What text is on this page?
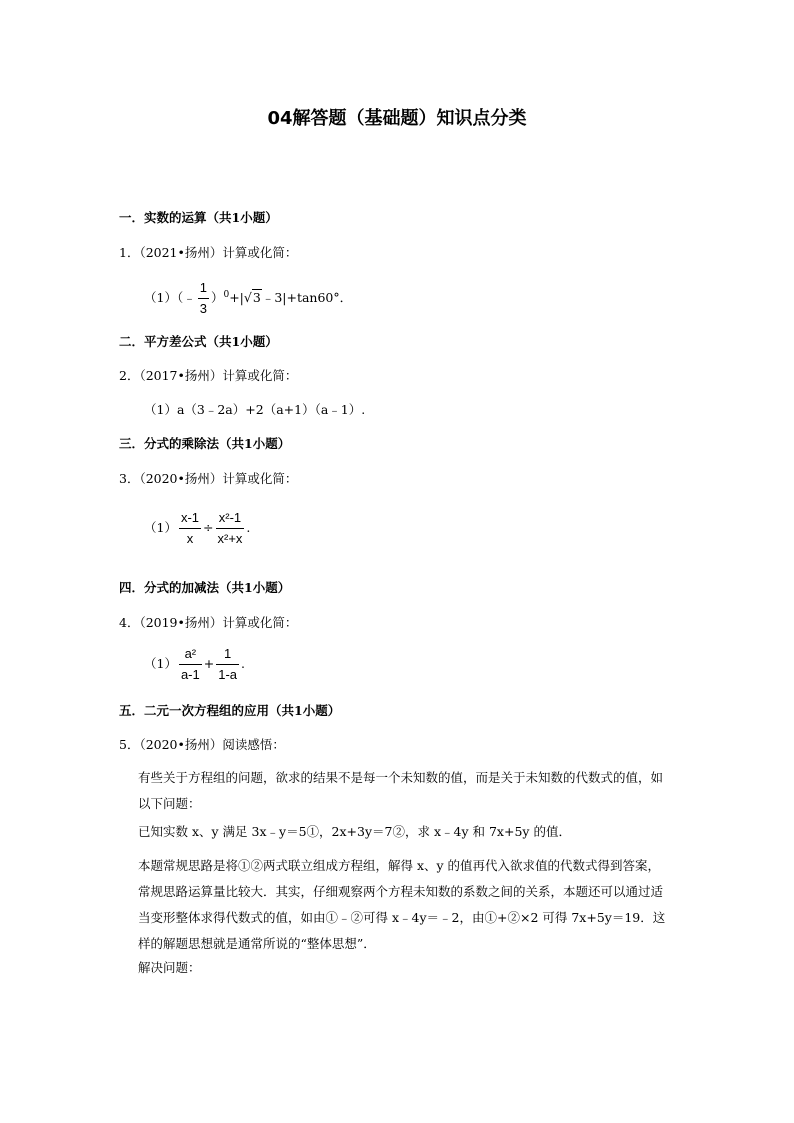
04解答题（基础题）知识点分类
一．实数的运算（共1小题）
1．（2021•扬州）计算或化简：
（1）（﹣ $\frac{1}{3}$ ）$^0$+|√3﹣3|+tan60°．
二．平方差公式（共1小题）
2．（2017•扬州）计算或化简：
（1）a（3﹣2a）+2（a+1）（a﹣1）.
三．分式的乘除法（共1小题）
3．（2020•扬州）计算或化简：
$(1) \frac{x-1}{x} \div \frac{\text{x²-1}}{\text{x²+x}}$ .
四．分式的加减法（共1小题）
4．（2019•扬州）计算或化简：
$(1) \frac{\text{a²}}{a-1} + \frac{1}{1-a}$ .
五．二元一次方程组的应用（共1小题）
5．（2020•扬州）阅读感悟：
有些关于方程组的问题，欲求的结果不是每一个未知数的值，而是关于未知数的代数式的值，如以下问题：
已知实数 x、y 满足 3x﹣y＝5①，2x+3y＝7②，求 x﹣4y 和 7x+5y 的值．
本题常规思路是将①②两式联立组成方程组，解得 x、y 的值再代入欲求值的代数式得到答案，常规思路运算量比较大．其实，仔细观察两个方程未知数的系数之间的关系，本题还可以通过适当变形整体求得代数式的值，如由①﹣②可得 x﹣4y＝﹣2，由①+②×2 可得 7x+5y＝19．这样的解题思想就是通常所说的“整体思想”．
解决问题：
